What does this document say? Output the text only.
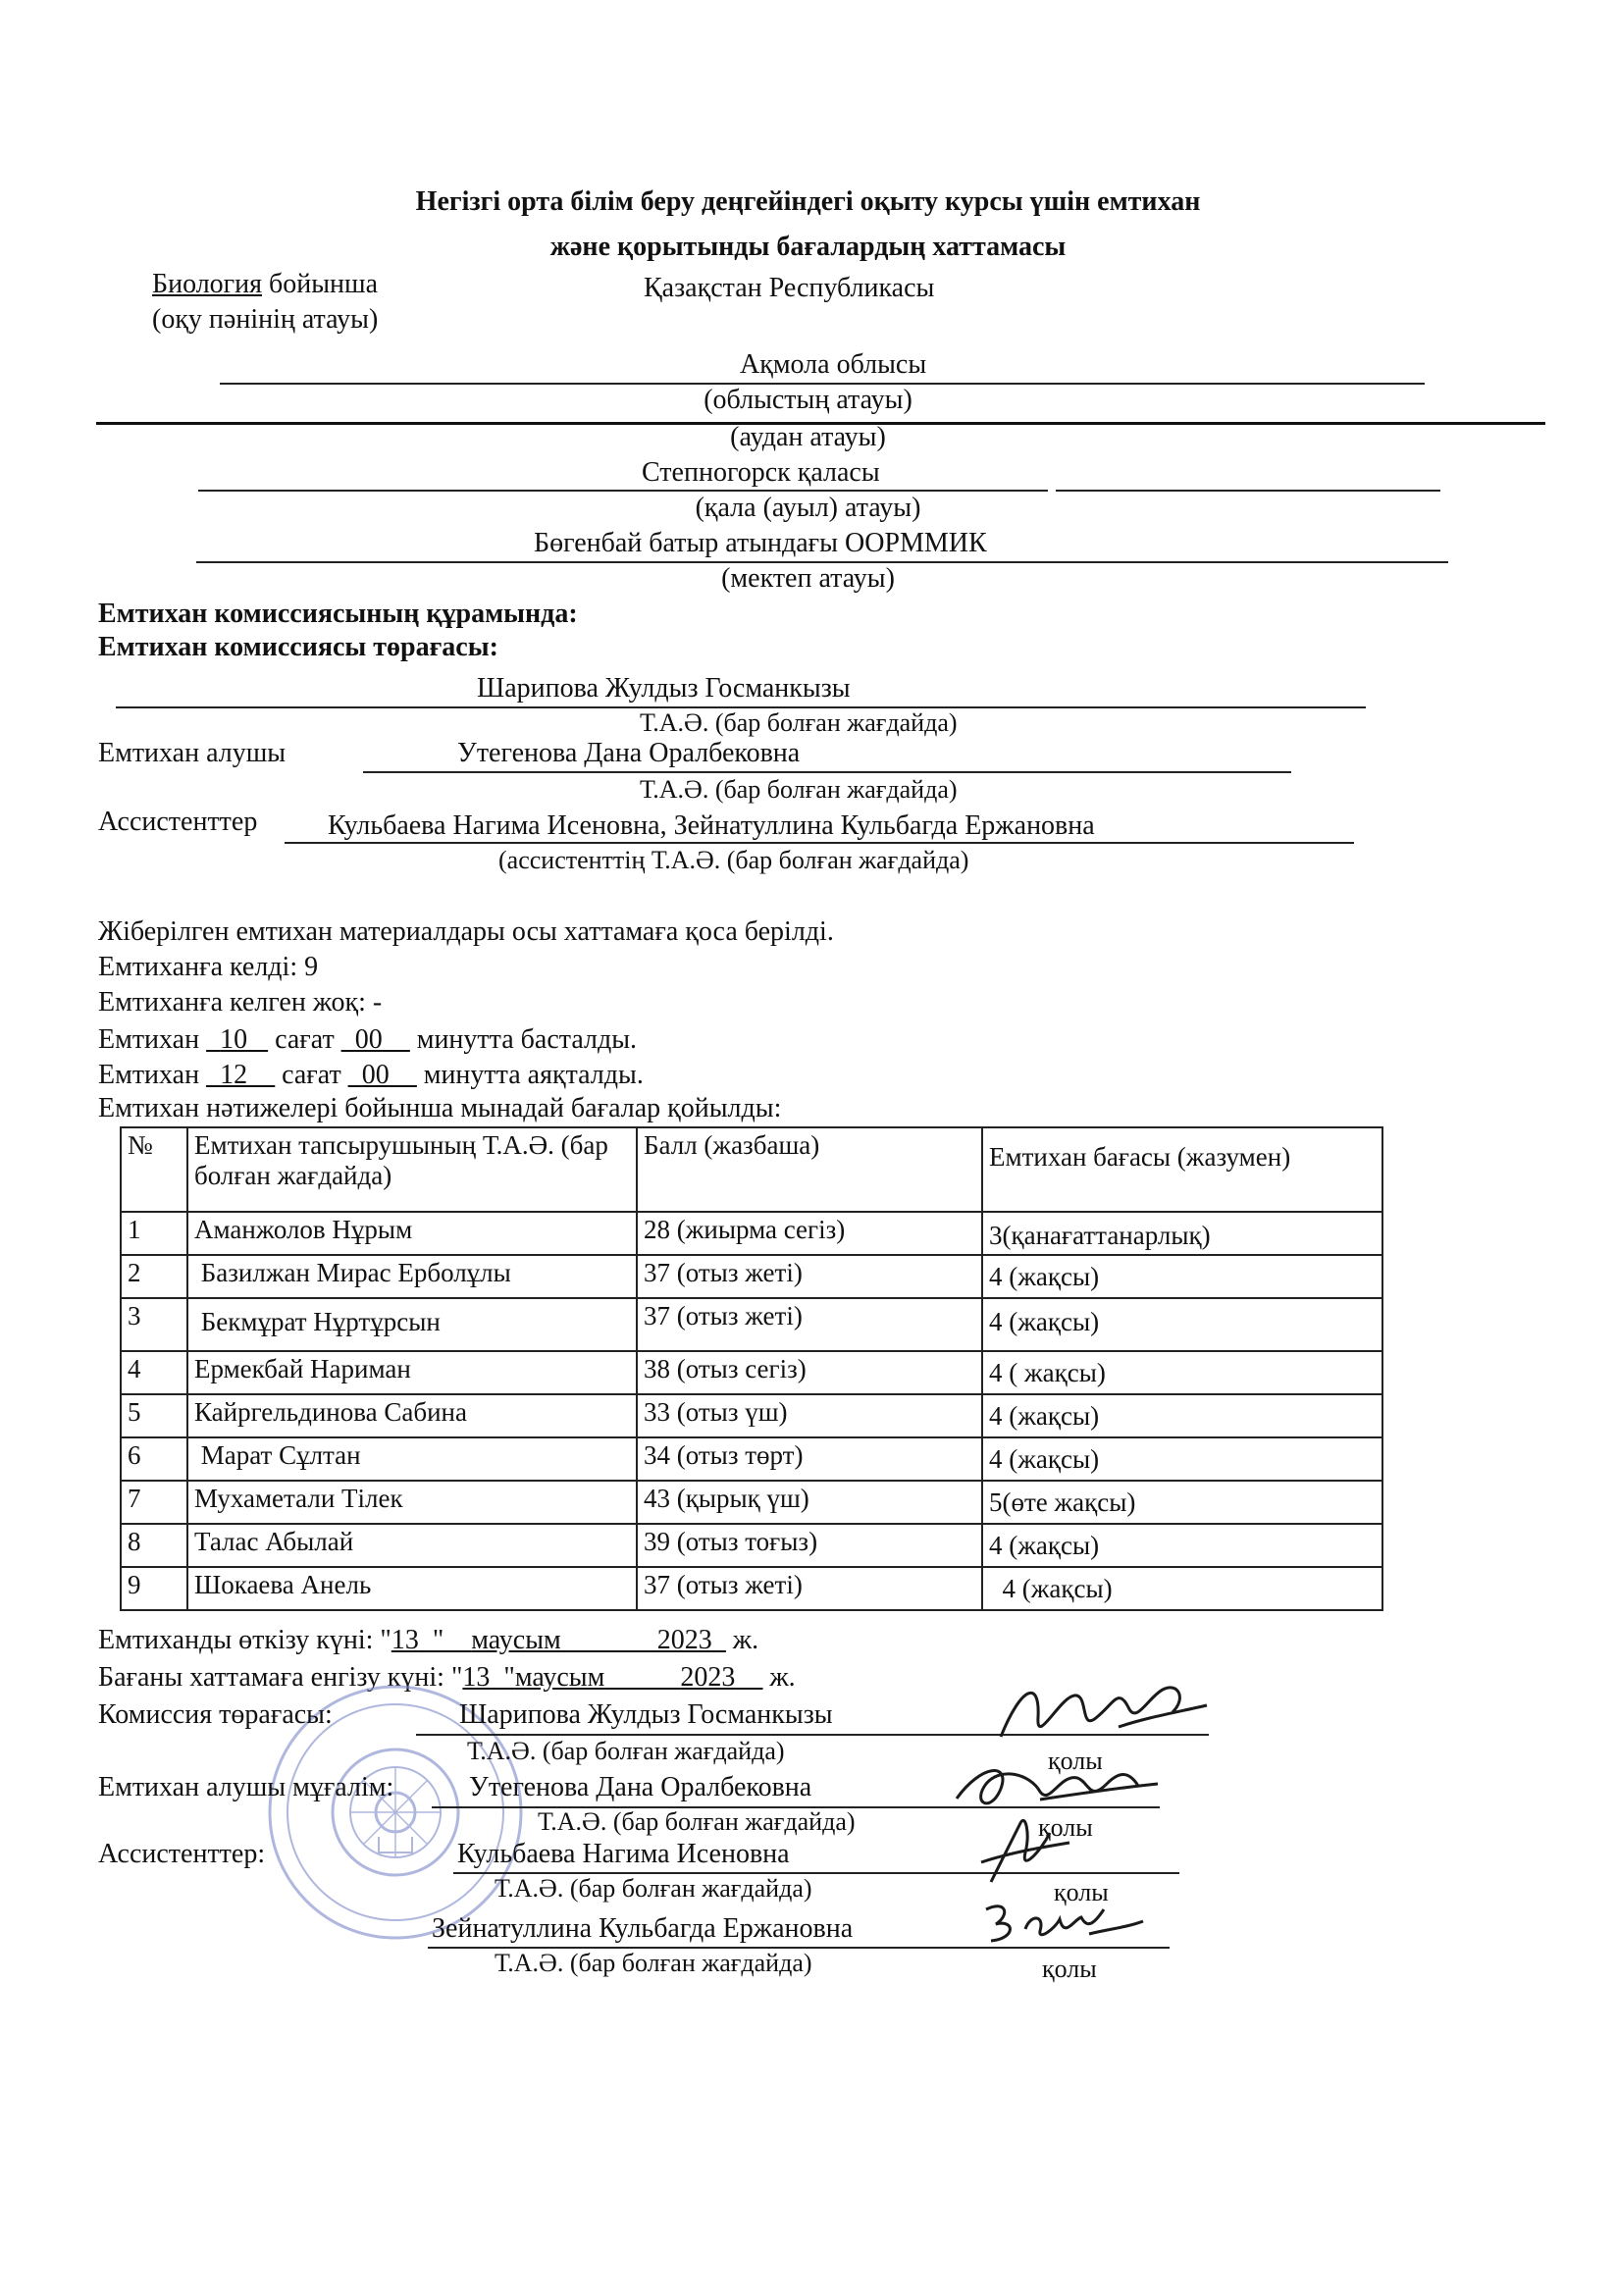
Негізгі орта білім беру деңгейіндегі оқыту курсы үшін емтихан
және қорытынды бағалардың хаттамасы
Биология бойынша	Қазақстан Республикасы
(оқу пәнінің атауы)
Ақмола облысы
(облыстың атауы)
(аудан атауы)
Степногорск қаласы
(қала (ауыл) атауы)
Бөгенбай батыр атындағы ООРММИК
(мектеп атауы)
Емтихан комиссиясының құрамында:
Емтихан комиссиясы төрағасы:
Шарипова Жулдыз Госманкызы
Т.А.Ә. (бар болған жағдайда)
Емтихан алушы	Утегенова Дана Оралбековна
Т.А.Ә. (бар болған жағдайда)
Ассистенттер	Кульбаева Нагима Исеновна, Зейнатуллина Кульбагда Ержановна
(ассистенттің Т.А.Ә. (бар болған жағдайда)
Жіберілген емтихан материалдары осы хаттамаға қоса берілді.
Емтиханға келді: 9
Емтиханға келген жоқ: -
Емтихан   10_  сағат _00__ минутта басталды.
Емтихан _12__ сағат _00__ минутта аяқталды.
Емтихан нәтижелері бойынша мынадай бағалар қойылды:
№	Емтихан тапсырушының Т.А.Ә. (бар болған жағдайда)	Балл (жазбаша)	Емтихан бағасы (жазумен)
1	Аманжолов Нұрым	28 (жиырма сегіз)	3(қанағаттанарлық)
2	Базилжан Мирас Ерболұлы	37 (отыз жеті)	4 (жақсы)
3	Бекмұрат Нұртұрсын	37 (отыз жеті)	4 (жақсы)
4	Ермекбай Нариман	38 (отыз сегіз)	4 ( жақсы)
5	Кайргельдинова Сабина	33 (отыз үш)	4 (жақсы)
6	Марат Сұлтан	34 (отыз төрт)	4 (жақсы)
7	Мухаметали Тілек	43 (қырық үш)	5(өте жақсы)
8	Талас Абылай	39 (отыз тоғыз)	4 (жақсы)
9	Шокаева Анель	37 (отыз жеті)	4 (жақсы)
Емтиханды өткізу күні: "13_" _ маусым_______2023_ ж.
Бағаны хаттамаға енгізу күні: "13_"маусым_____ 2023__ ж.
Комиссия төрағасы:	Шарипова Жулдыз Госманкызы
Т.А.Ә. (бар болған жағдайда)	қолы
Емтихан алушы мұғалім:	Утегенова Дана Оралбековна
Т.А.Ә. (бар болған жағдайда)	қолы
Ассистенттер:	Кульбаева Нагима Исеновна
Т.А.Ә. (бар болған жағдайда)	қолы
Зейнатуллина Кульбагда Ержановна
Т.А.Ә. (бар болған жағдайда)	қолы
